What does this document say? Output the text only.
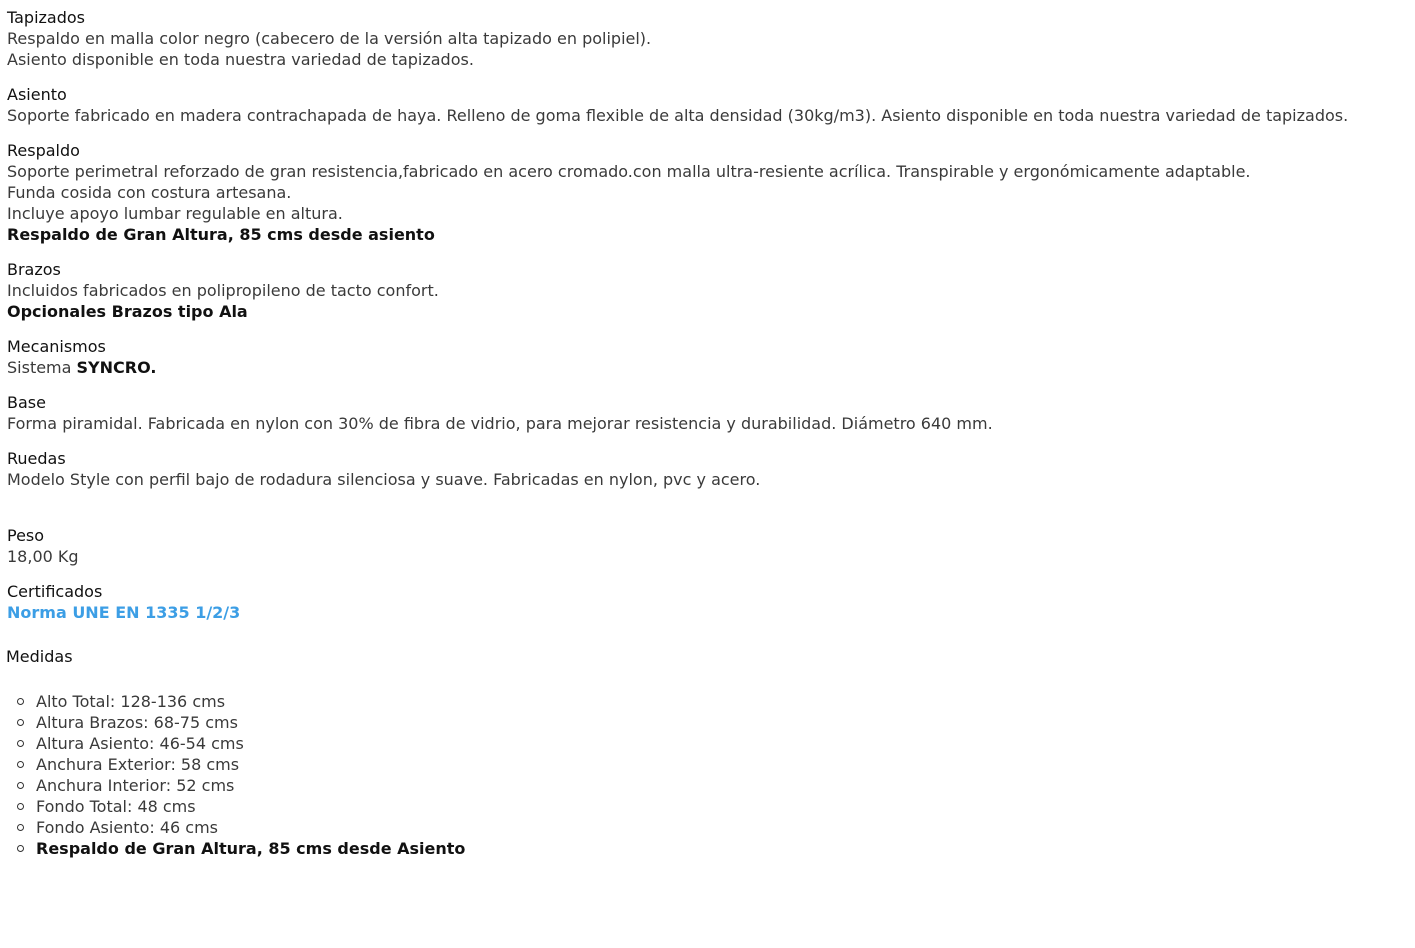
Tapizados
Respaldo en malla color negro (cabecero de la versión alta tapizado en polipiel).
Asiento disponible en toda nuestra variedad de tapizados.
Asiento
Soporte fabricado en madera contrachapada de haya. Relleno de goma flexible de alta densidad (30kg/m3). Asiento disponible en toda nuestra variedad de tapizados.
Respaldo
Soporte perimetral reforzado de gran resistencia,fabricado en acero cromado.con malla ultra-resiente acrílica. Transpirable y ergonómicamente adaptable.
Funda cosida con costura artesana.
Incluye apoyo lumbar regulable en altura.
Respaldo de Gran Altura, 85 cms desde asiento
Brazos
Incluidos fabricados en polipropileno de tacto confort.
Opcionales Brazos tipo Ala
Mecanismos
Sistema SYNCRO.
Base
Forma piramidal. Fabricada en nylon con 30% de fibra de vidrio, para mejorar resistencia y durabilidad. Diámetro 640 mm.
Ruedas
Modelo Style con perfil bajo de rodadura silenciosa y suave. Fabricadas en nylon, pvc y acero.
Peso
18,00 Kg
Certificados
Norma UNE EN 1335 1/2/3
Medidas
Alto Total: 128-136 cms
Altura Brazos: 68-75 cms
Altura Asiento: 46-54 cms
Anchura Exterior: 58 cms
Anchura Interior: 52 cms
Fondo Total: 48 cms
Fondo Asiento: 46 cms
Respaldo de Gran Altura, 85 cms desde Asiento
